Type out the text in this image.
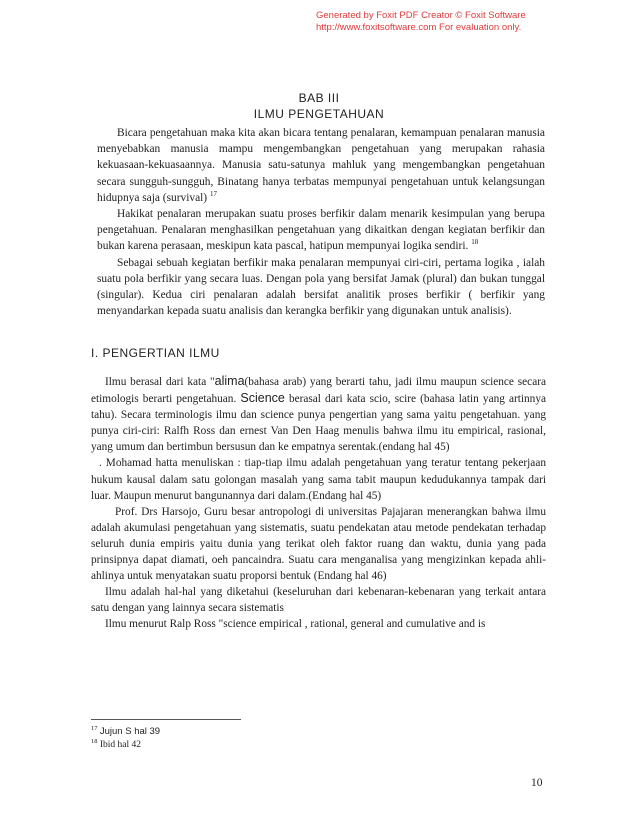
Generated by Foxit PDF Creator © Foxit Software
http://www.foxitsoftware.com For evaluation only.
BAB III
ILMU PENGETAHUAN

Bicara pengetahuan maka kita akan bicara tentang penalaran, kemampuan penalaran manusia menyebabkan manusia mampu mengembangkan pengetahuan yang merupakan rahasia kekuasaan-kekuasaannya. Manusia satu-satunya mahluk yang mengembangkan pengetahuan secara sungguh-sungguh, Binatang hanya terbatas mempunyai pengetahuan untuk kelangsungan hidupnya saja (survival) $^{17}$

Hakikat penalaran merupakan suatu proses berfikir dalam menarik kesimpulan yang berupa pengetahuan. Penalaran menghasilkan pengetahuan yang dikaitkan dengan kegiatan berfikir dan bukan karena perasaan, meskipun kata pascal, hatipun mempunyai logika sendiri. $^{18}$

Sebagai sebuah kegiatan berfikir maka penalaran mempunyai ciri-ciri, pertama logika , ialah suatu pola berfikir yang secara luas. Dengan pola yang bersifat Jamak (plural) dan bukan tunggal (singular). Kedua ciri penalaran adalah bersifat analitik proses berfikir ( berfikir yang menyandarkan kepada suatu analisis dan kerangka berfikir yang digunakan untuk analisis).

I. PENGERTIAN ILMU

Ilmu berasal dari kata "alima(bahasa arab) yang berarti tahu, jadi ilmu maupun science secara etimologis berarti pengetahuan. Science berasal dari kata scio, scire (bahasa latin yang artinnya tahu). Secara terminologis ilmu dan science punya pengertian yang sama yaitu pengetahuan. yang punya ciri-ciri: Ralfh Ross dan ernest Van Den Haag menulis bahwa ilmu itu empirical, rasional, yang umum dan bertimbun bersusun dan ke empatnya serentak.(endang hal 45)

. Mohamad hatta menuliskan : tiap-tiap ilmu adalah pengetahuan yang teratur tentang pekerjaan hukum kausal dalam satu golongan masalah yang sama tabit maupun kedudukannya tampak dari luar. Maupun menurut bangunannya dari dalam.(Endang hal 45)

Prof. Drs Harsojo, Guru besar antropologi di universitas Pajajaran menerangkan bahwa ilmu adalah akumulasi pengetahuan yang sistematis, suatu pendekatan atau metode pendekatan terhadap seluruh dunia empiris yaitu dunia yang terikat oleh faktor ruang dan waktu, dunia yang pada prinsipnya dapat diamati, oeh pancaindra. Suatu cara menganalisa yang mengizinkan kepada ahli-ahlinya untuk menyatakan suatu proporsi bentuk (Endang hal 46)

Ilmu adalah hal-hal yang diketahui (keseluruhan dari kebenaran-kebenaran yang terkait antara satu dengan yang lainnya secara sistematis

Ilmu menurut Ralp Ross "science empirical , rational, general and cumulative and is

$^{17}$ Jujun S hal 39
$^{18}$ Ibid hal 42
10
